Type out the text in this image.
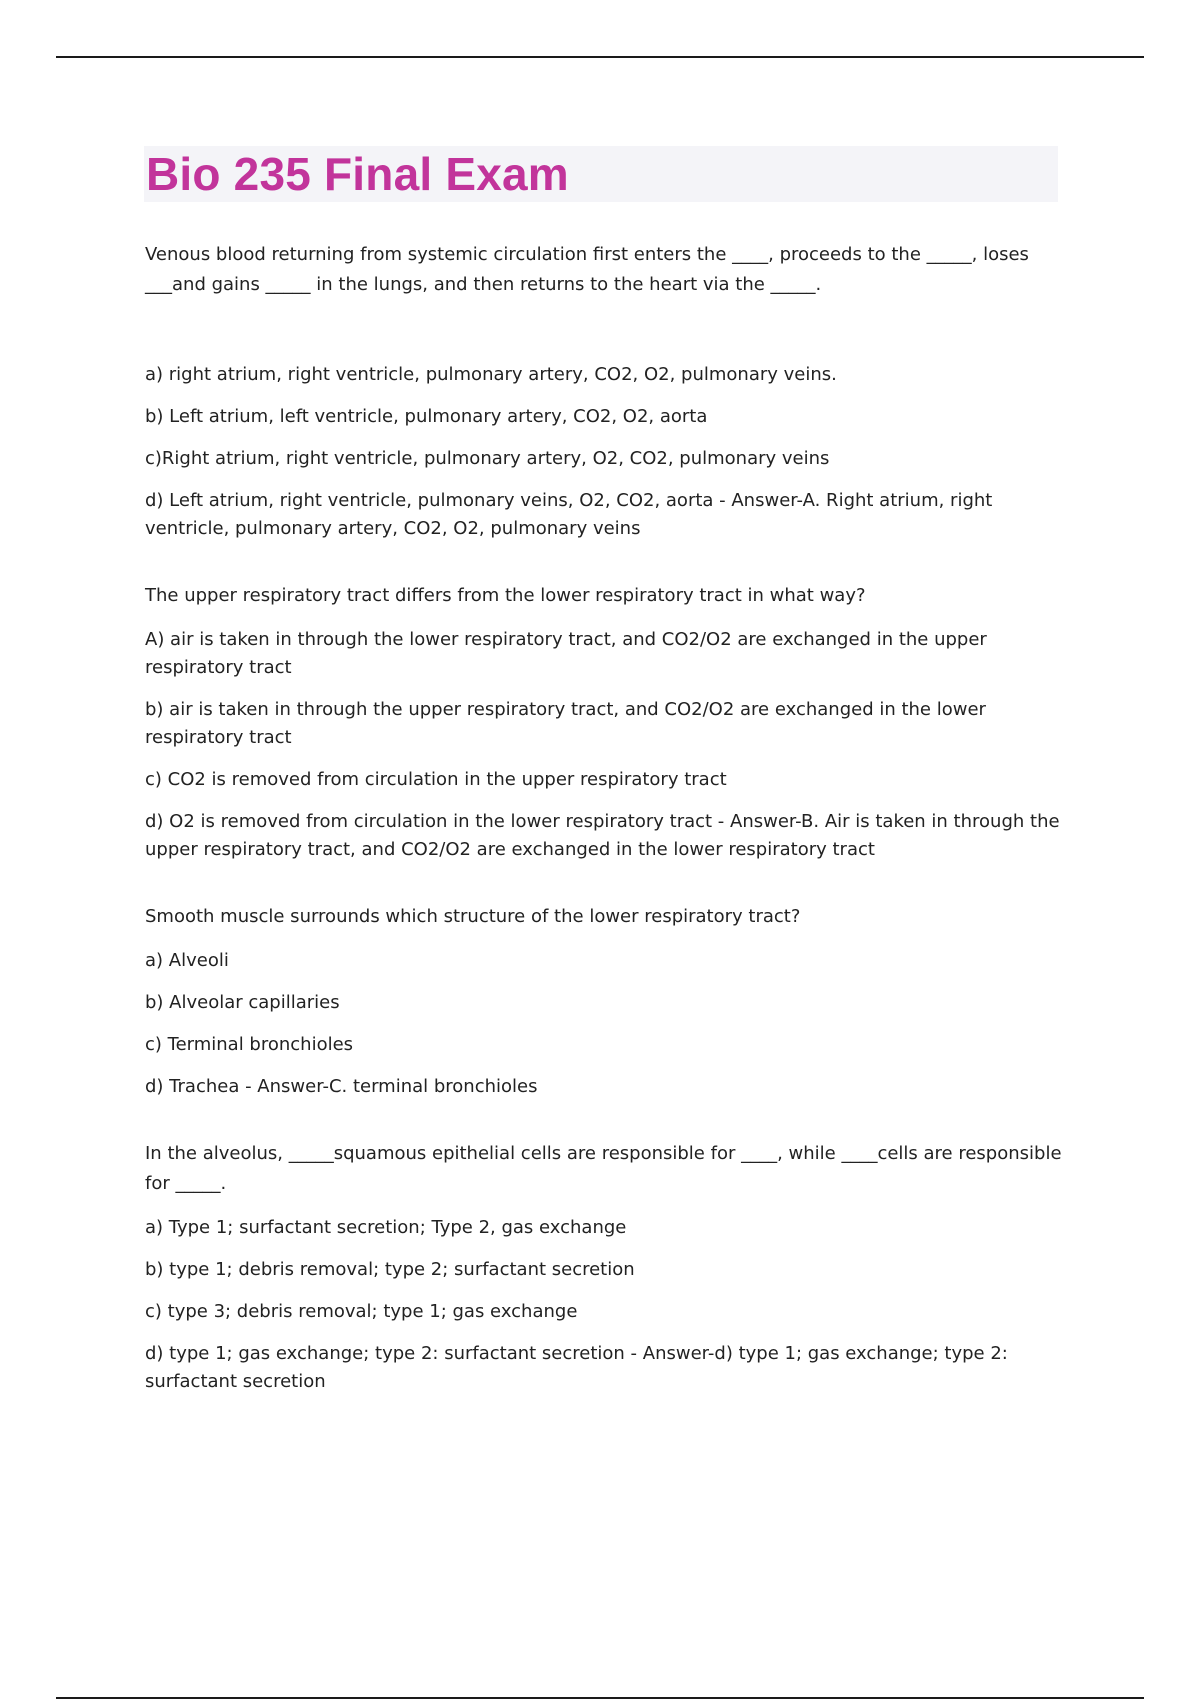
Bio 235 Final Exam

Venous blood returning from systemic circulation first enters the ____, proceeds to the _____, loses ___and gains _____ in the lungs, and then returns to the heart via the _____.

a) right atrium, right ventricle, pulmonary artery, CO2, O2, pulmonary veins.

b) Left atrium, left ventricle, pulmonary artery, CO2, O2, aorta

c)Right atrium, right ventricle, pulmonary artery, O2, CO2, pulmonary veins

d) Left atrium, right ventricle, pulmonary veins, O2, CO2, aorta - Answer-A. Right atrium, right ventricle, pulmonary artery, CO2, O2, pulmonary veins

The upper respiratory tract differs from the lower respiratory tract in what way?

A) air is taken in through the lower respiratory tract, and CO2/O2 are exchanged in the upper respiratory tract

b) air is taken in through the upper respiratory tract, and CO2/O2 are exchanged in the lower respiratory tract

c) CO2 is removed from circulation in the upper respiratory tract

d) O2 is removed from circulation in the lower respiratory tract - Answer-B. Air is taken in through the upper respiratory tract, and CO2/O2 are exchanged in the lower respiratory tract

Smooth muscle surrounds which structure of the lower respiratory tract?

a) Alveoli

b) Alveolar capillaries

c) Terminal bronchioles

d) Trachea - Answer-C. terminal bronchioles

In the alveolus, _____squamous epithelial cells are responsible for ____, while ____cells are responsible for _____.

a) Type 1; surfactant secretion; Type 2, gas exchange

b) type 1; debris removal; type 2; surfactant secretion

c) type 3; debris removal; type 1; gas exchange

d) type 1; gas exchange; type 2: surfactant secretion - Answer-d) type 1; gas exchange; type 2: surfactant secretion
